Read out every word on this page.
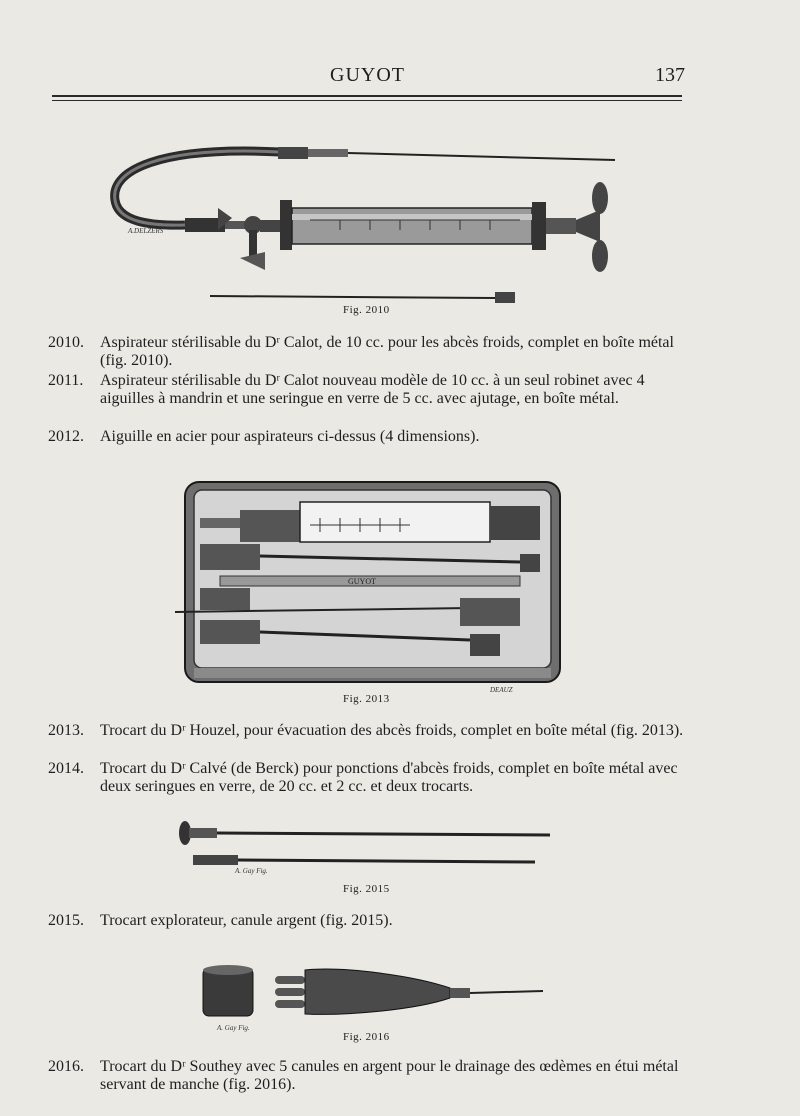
GUYOT	137
A.DELZERS
Fig. 2010
2010.	Aspirateur stérilisable du Dʳ Calot, de 10 cc. pour les abcès froids, complet en boîte métal (fig. 2010).
2011.	Aspirateur stérilisable du Dʳ Calot nouveau modèle de 10 cc. à un seul robinet avec 4 aiguilles à mandrin et une seringue en verre de 5 cc. avec ajutage, en boîte métal.
2012.	Aiguille en acier pour aspirateurs ci-dessus (4 dimensions).
GUYOT
DEAUZ
Fig. 2013
2013.	Trocart du Dʳ Houzel, pour évacuation des abcès froids, complet en boîte métal (fig. 2013).
2014.	Trocart du Dʳ Calvé (de Berck) pour ponctions d'abcès froids, complet en boîte métal avec deux seringues en verre, de 20 cc. et 2 cc. et deux trocarts.
A. Gay Fig.
Fig. 2015
2015.	Trocart explorateur, canule argent (fig. 2015).
A. Gay Fig.
Fig. 2016
2016.	Trocart du Dʳ Southey avec 5 canules en argent pour le drainage des œdèmes en étui métal servant de manche (fig. 2016).
